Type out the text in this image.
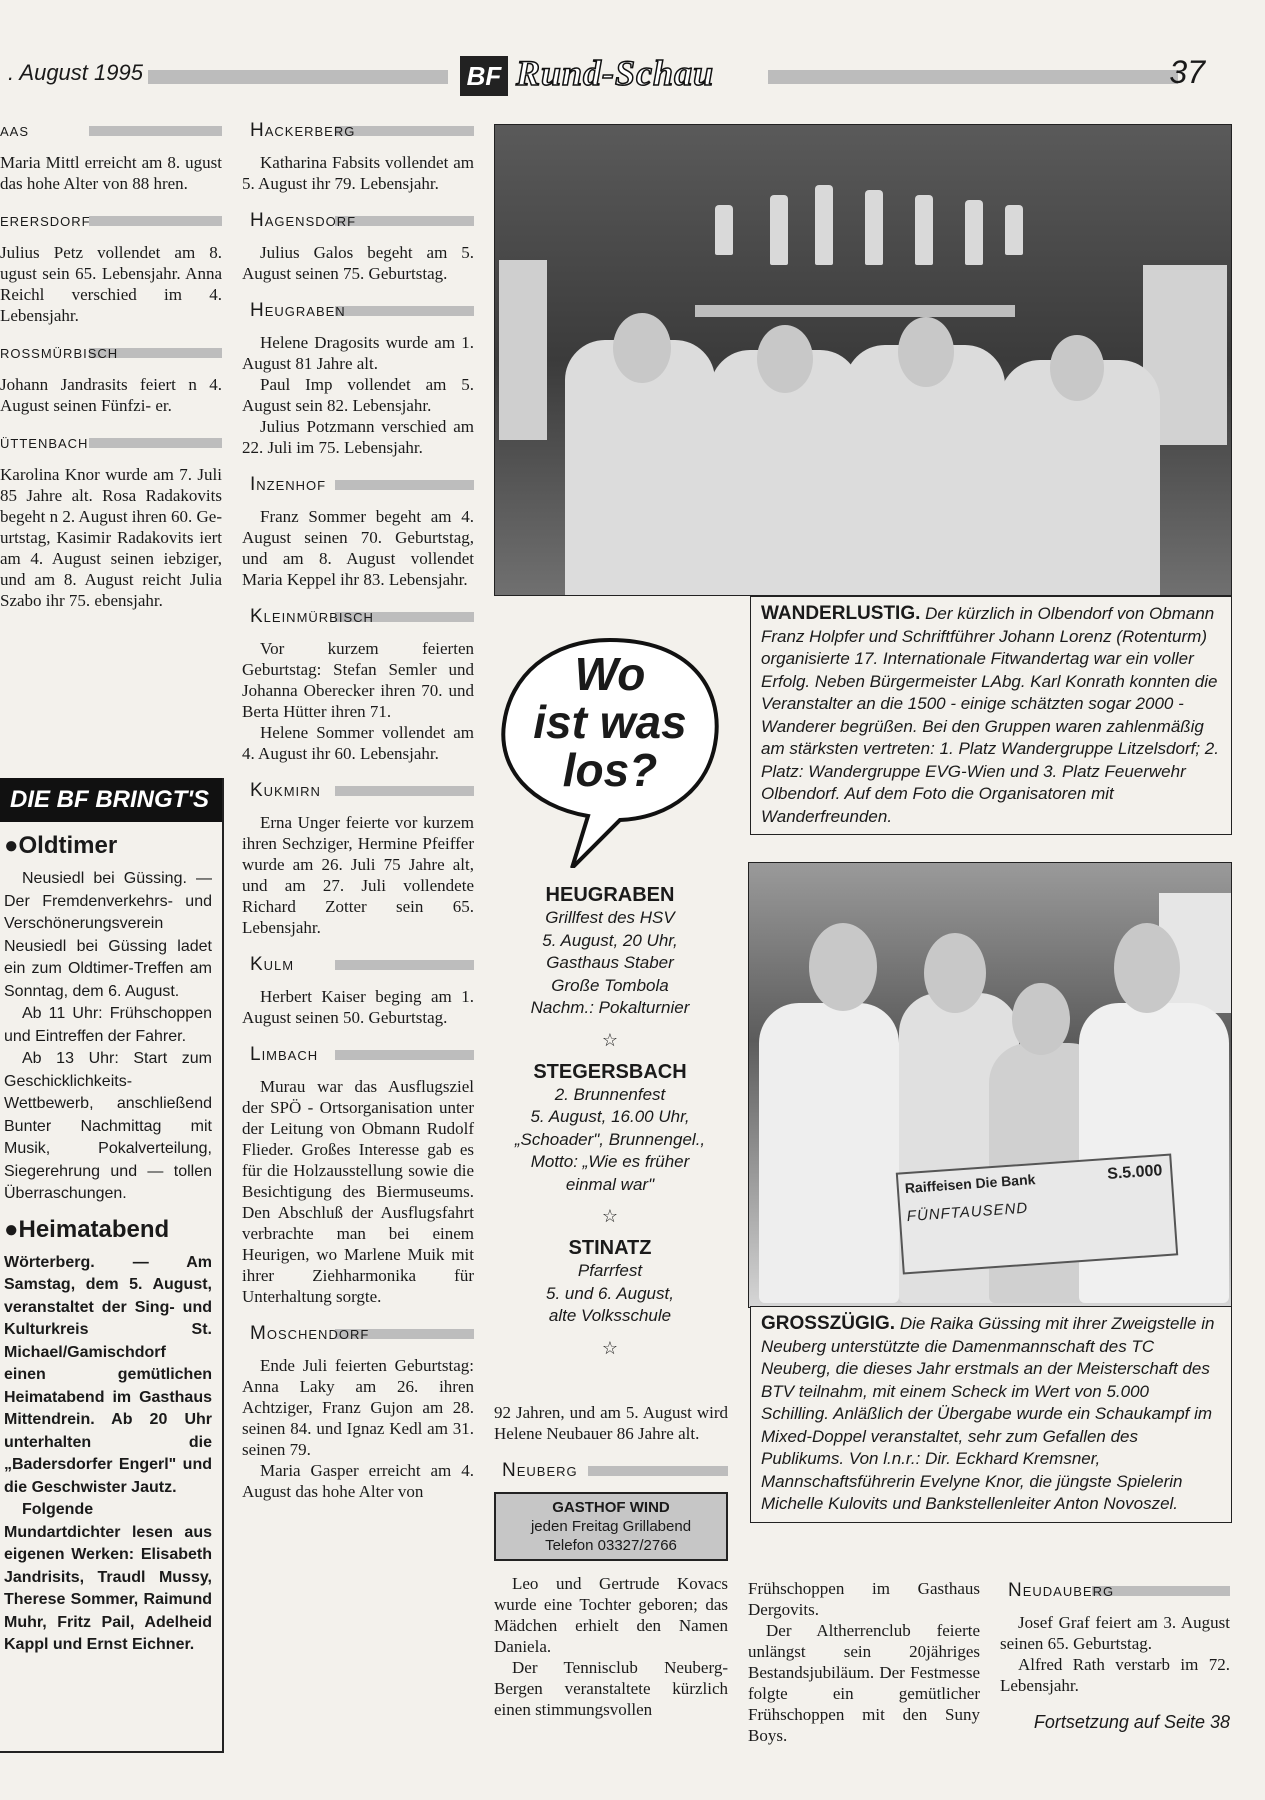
. August 1995	BF Rund-Schau	37
aas

Maria Mittl erreicht am 8. ugust das hohe Alter von 88 hren.

erersdorf

Julius Petz vollendet am 8. ugust sein 65. Lebensjahr. Anna Reichl verschied im 4. Lebensjahr.

rossmürbisch

Johann Jandrasits feiert n 4. August seinen Fünfzi- er.

üttenbach

Karolina Knor wurde am 7. Juli 85 Jahre alt. Rosa Radakovits begeht n 2. August ihren 60. Ge- urtstag, Kasimir Radakovits iert am 4. August seinen iebziger, und am 8. August reicht Julia Szabo ihr 75. ebensjahr.

DIE BF BRINGT'S
● Oldtimer

Neusiedl bei Güssing. — Der Fremdenverkehrs- und Verschönerungsverein Neusiedl bei Güssing ladet ein zum Oldtimer-Treffen am Sonntag, dem 6. August.

Ab 11 Uhr: Frühschoppen und Eintreffen der Fahrer.

Ab 13 Uhr: Start zum Geschicklichkeits-Wettbewerb, anschließend Bunter Nachmittag mit Musik, Pokalverteilung, Siegerehrung und — tollen Überraschungen.

● Heimatabend

Wörterberg. — Am Samstag, dem 5. August, veranstaltet der Sing- und Kulturkreis St. Michael/Gamischdorf einen gemütlichen Heimatabend im Gasthaus Mittendrein. Ab 20 Uhr unterhalten die „Badersdorfer Engerl" und die Geschwister Jautz.

Folgende Mundartdichter lesen aus eigenen Werken: Elisabeth Jandrisits, Traudl Mussy, Therese Sommer, Raimund Muhr, Fritz Pail, Adelheid Kappl und Ernst Eichner.

Hackerberg

Katharina Fabsits vollendet am 5. August ihr 79. Lebensjahr.

Hagensdorf

Julius Galos begeht am 5. August seinen 75. Geburtstag.

Heugraben

Helene Dragosits wurde am 1. August 81 Jahre alt.

Paul Imp vollendet am 5. August sein 82. Lebensjahr.

Julius Potzmann verschied am 22. Juli im 75. Lebensjahr.

Inzenhof

Franz Sommer begeht am 4. August seinen 70. Geburtstag, und am 8. August vollendet Maria Keppel ihr 83. Lebensjahr.

Kleinmürbisch

Vor kurzem feierten Geburtstag: Stefan Semler und Johanna Oberecker ihren 70. und Berta Hütter ihren 71.

Helene Sommer vollendet am 4. August ihr 60. Lebensjahr.

Kukmirn

Erna Unger feierte vor kurzem ihren Sechziger, Hermine Pfeiffer wurde am 26. Juli 75 Jahre alt, und am 27. Juli vollendete Richard Zotter sein 65. Lebensjahr.

Kulm

Herbert Kaiser beging am 1. August seinen 50. Geburtstag.

Limbach

Murau war das Ausflugsziel der SPÖ - Ortsorganisation unter der Leitung von Obmann Rudolf Flieder. Großes Interesse gab es für die Holzausstellung sowie die Besichtigung des Biermuseums. Den Abschluß der Ausflugsfahrt verbrachte man bei einem Heurigen, wo Marlene Muik mit ihrer Ziehharmonika für Unterhaltung sorgte.

Moschendorf

Ende Juli feierten Geburtstag: Anna Laky am 26. ihren Achtziger, Franz Gujon am 28. seinen 84. und Ignaz Kedl am 31. seinen 79.

Maria Gasper erreicht am 4. August das hohe Alter von

WANDERLUSTIG. Der kürzlich in Olbendorf von Obmann Franz Holpfer und Schriftführer Johann Lorenz (Rotenturm) organisierte 17. Internationale Fitwandertag war ein voller Erfolg. Neben Bürgermeister LAbg. Karl Konrath konnten die Veranstalter an die 1500 - einige schätzten sogar 2000 - Wanderer begrüßen. Bei den Gruppen waren zahlenmäßig am stärksten vertreten: 1. Platz Wandergruppe Litzelsdorf; 2. Platz: Wandergruppe EVG-Wien und 3. Platz Feuerwehr Olbendorf. Auf dem Foto die Organisatoren mit Wanderfreunden.
Wo
ist was
los?
HEUGRABEN
Grillfest des HSV
5. August, 20 Uhr,
Gasthaus Staber
Große Tombola
Nachm.: Pokalturnier
☆
STEGERSBACH
2. Brunnenfest
5. August, 16.00 Uhr,
„Schoader", Brunnengel.,
Motto: „Wie es früher
einmal war"
☆
STINATZ
Pfarrfest
5. und 6. August,
alte Volksschule
☆

92 Jahren, und am 5. August wird Helene Neubauer 86 Jahre alt.

Neuberg
GASTHOF WIND
jeden Freitag Grillabend
Telefon 03327/2766

Leo und Gertrude Kovacs wurde eine Tochter geboren; das Mädchen erhielt den Namen Daniela.

Der Tennisclub Neuberg-Bergen veranstaltete kürzlich einen stimmungsvollen

Raiffeisen Die Bank	S.5.000
FÜNFTAUSEND
GROSSZÜGIG. Die Raika Güssing mit ihrer Zweigstelle in Neuberg unterstützte die Damenmannschaft des TC Neuberg, die dieses Jahr erstmals an der Meisterschaft des BTV teilnahm, mit einem Scheck im Wert von 5.000 Schilling. Anläßlich der Übergabe wurde ein Schaukampf im Mixed-Doppel veranstaltet, sehr zum Gefallen des Publikums. Von l.n.r.: Dir. Eckhard Kremsner, Mannschaftsführerin Evelyne Knor, die jüngste Spielerin Michelle Kulovits und Bankstellenleiter Anton Novoszel.

Frühschoppen im Gasthaus Dergovits.

Der Altherrenclub feierte unlängst sein 20jähriges Bestandsjubiläum. Der Festmesse folgte ein gemütlicher Frühschoppen mit den Suny Boys.

Neudauberg

Josef Graf feiert am 3. August seinen 65. Geburtstag.

Alfred Rath verstarb im 72. Lebensjahr.

Fortsetzung auf Seite 38
